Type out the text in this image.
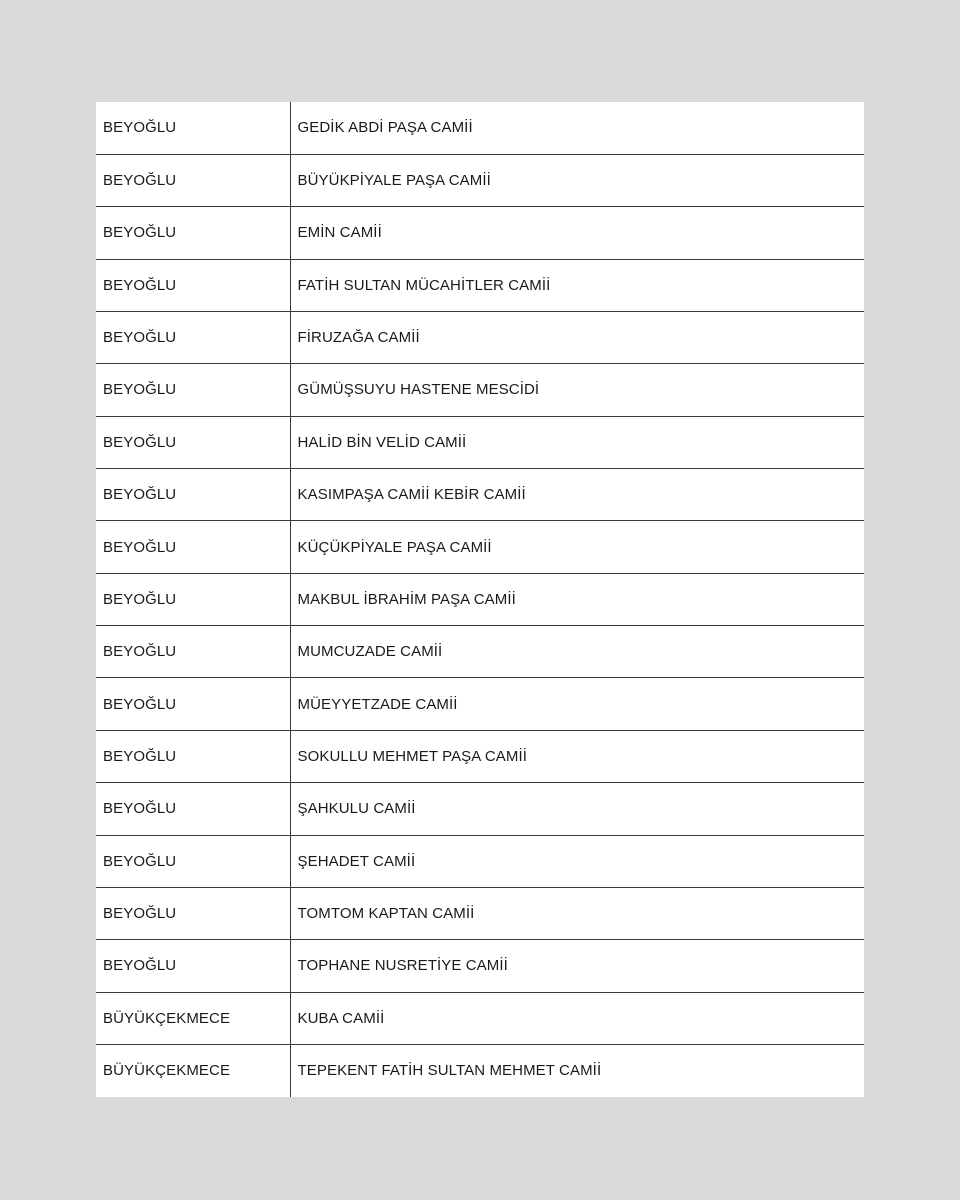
BEYOĞLU	GEDİK ABDİ PAŞA CAMİİ
BEYOĞLU	BÜYÜKPİYALE PAŞA CAMİİ
BEYOĞLU	EMİN CAMİİ
BEYOĞLU	FATİH SULTAN MÜCAHİTLER CAMİİ
BEYOĞLU	FİRUZAĞA CAMİİ
BEYOĞLU	GÜMÜŞSUYU HASTENE MESCİDİ
BEYOĞLU	HALİD BİN VELİD CAMİİ
BEYOĞLU	KASIMPAŞA CAMİİ KEBİR CAMİİ
BEYOĞLU	KÜÇÜKPİYALE PAŞA CAMİİ
BEYOĞLU	MAKBUL İBRAHİM PAŞA CAMİİ
BEYOĞLU	MUMCUZADE CAMİİ
BEYOĞLU	MÜEYYETZADE CAMİİ
BEYOĞLU	SOKULLU MEHMET PAŞA CAMİİ
BEYOĞLU	ŞAHKULU CAMİİ
BEYOĞLU	ŞEHADET CAMİİ
BEYOĞLU	TOMTOM KAPTAN CAMİİ
BEYOĞLU	TOPHANE NUSRETİYE CAMİİ
BÜYÜKÇEKMECE	KUBA CAMİİ
BÜYÜKÇEKMECE	TEPEKENT FATİH SULTAN MEHMET CAMİİ
